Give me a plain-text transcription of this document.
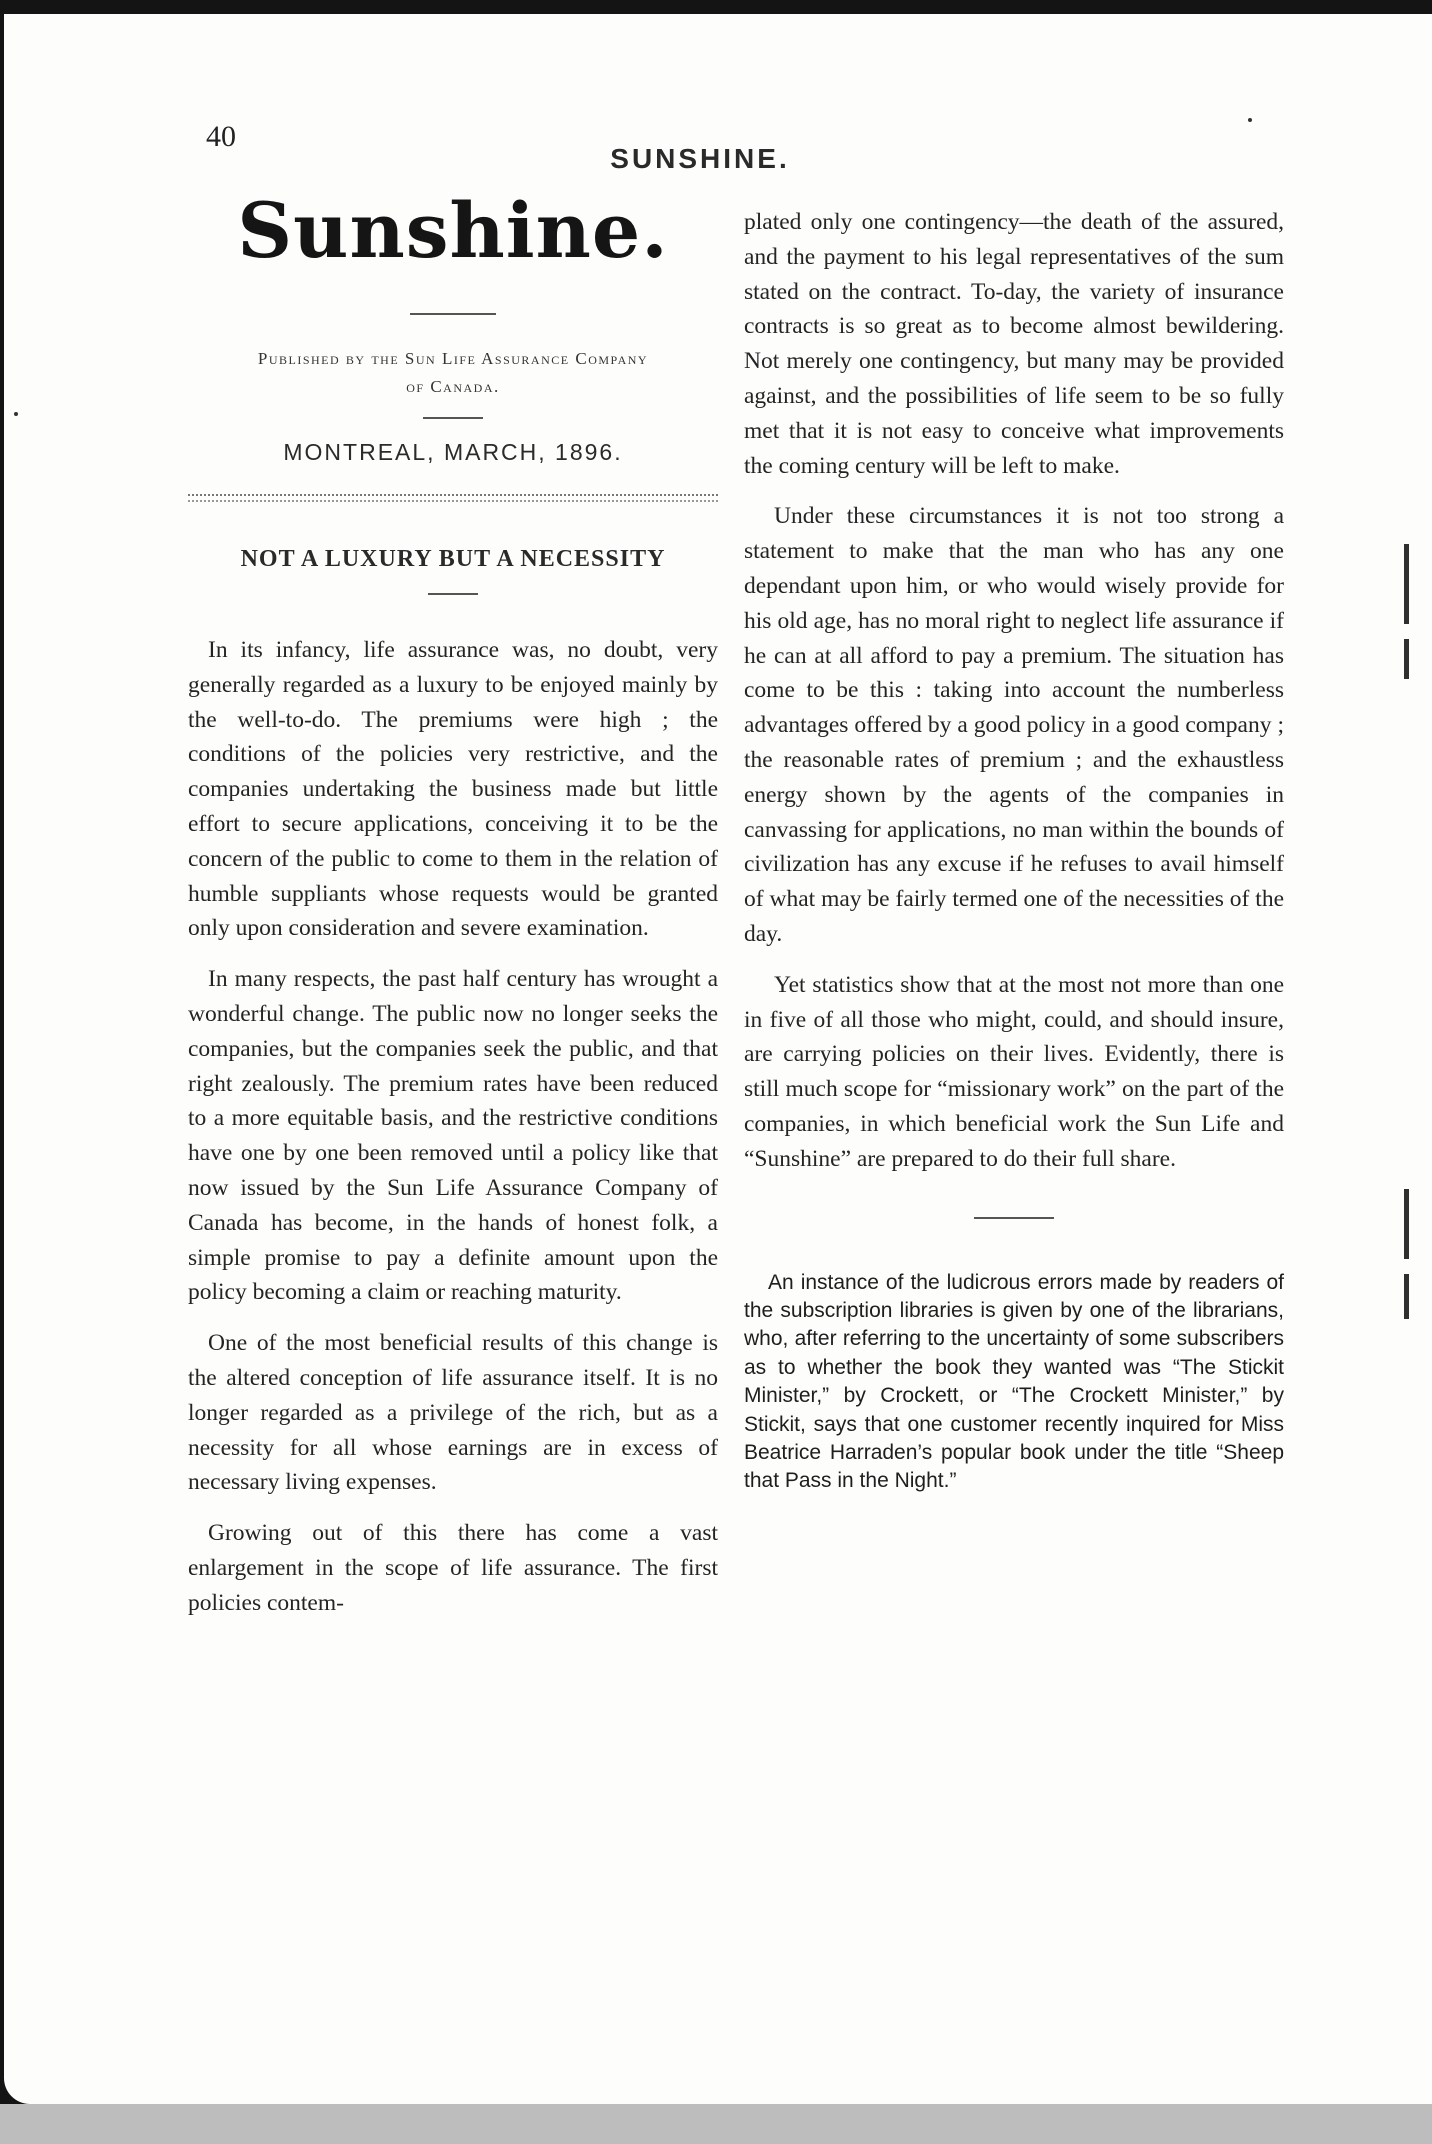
40
SUNSHINE.
Sunshine.
Published by the Sun Life Assurance Company
of Canada.
MONTREAL, MARCH, 1896.
NOT A LUXURY BUT A NECESSITY

In its infancy, life assurance was, no doubt, very generally regarded as a luxury to be enjoyed mainly by the well-to-do. The premiums were high ; the conditions of the policies very restrictive, and the companies undertaking the business made but little effort to secure applications, conceiving it to be the concern of the public to come to them in the relation of humble suppliants whose requests would be granted only upon consideration and severe examination.

In many respects, the past half century has wrought a wonderful change. The public now no longer seeks the companies, but the companies seek the public, and that right zealously. The premium rates have been reduced to a more equitable basis, and the restrictive conditions have one by one been removed until a policy like that now issued by the Sun Life Assurance Company of Canada has become, in the hands of honest folk, a simple promise to pay a definite amount upon the policy becoming a claim or reaching maturity.

One of the most beneficial results of this change is the altered conception of life assurance itself. It is no longer regarded as a privilege of the rich, but as a necessity for all whose earnings are in excess of necessary living expenses.

Growing out of this there has come a vast enlargement in the scope of life assurance. The first policies contem-

plated only one contingency—the death of the assured, and the payment to his legal representatives of the sum stated on the contract. To-day, the variety of insurance contracts is so great as to become almost bewildering. Not merely one contingency, but many may be provided against, and the possibilities of life seem to be so fully met that it is not easy to conceive what improvements the coming century will be left to make.

Under these circumstances it is not too strong a statement to make that the man who has any one dependant upon him, or who would wisely provide for his old age, has no moral right to neglect life assurance if he can at all afford to pay a premium. The situation has come to be this : taking into account the numberless advantages offered by a good policy in a good company ; the reasonable rates of premium ; and the exhaustless energy shown by the agents of the companies in canvassing for applications, no man within the bounds of civilization has any excuse if he refuses to avail himself of what may be fairly termed one of the necessities of the day.

Yet statistics show that at the most not more than one in five of all those who might, could, and should insure, are carrying policies on their lives. Evidently, there is still much scope for “missionary work” on the part of the companies, in which beneficial work the Sun Life and “Sunshine” are prepared to do their full share.

An instance of the ludicrous errors made by readers of the subscription libraries is given by one of the librarians, who, after referring to the uncertainty of some subscribers as to whether the book they wanted was “The Stickit Minister,” by Crockett, or “The Crockett Minister,” by Stickit, says that one customer recently inquired for Miss Beatrice Harraden’s popular book under the title “Sheep that Pass in the Night.”
